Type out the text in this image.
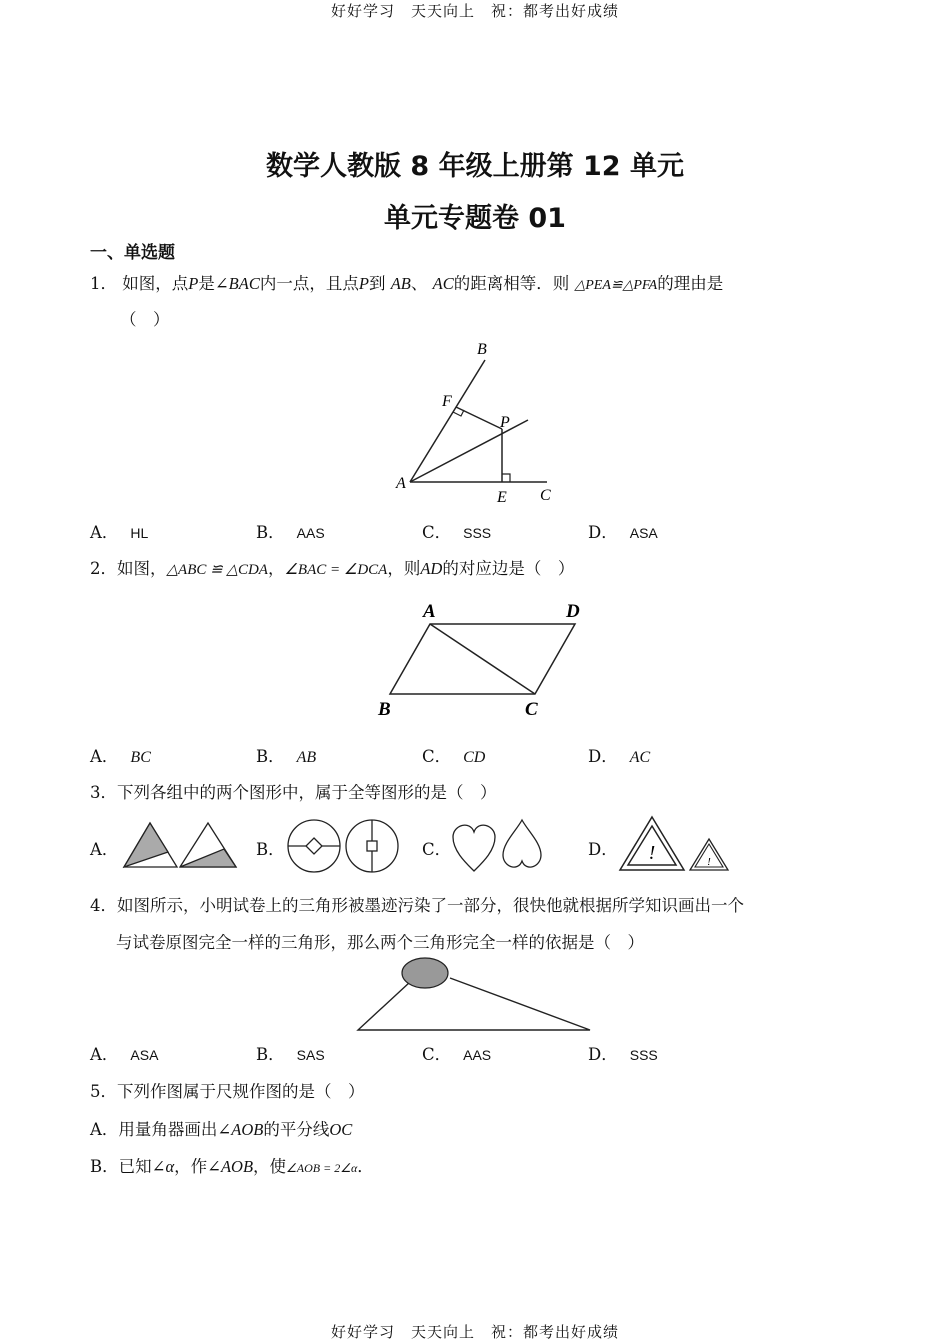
好好学习　天天向上　祝：都考出好成绩
好好学习　天天向上　祝：都考出好成绩
数学人教版 8 年级上册第 12 单元
单元专题卷 01
一、单选题
1． 如图，点P是∠BAC内一点，且点P到 AB、 AC的距离相等．则 △PEA≌△PFA的理由是
（　）
B
F
P
A
E C
A． HL	B． AAS	C． SSS	D． ASA
2．如图，△ABC ≌ △CDA，∠BAC = ∠DCA，则AD的对应边是（　）
A	D
B	C
A． BC	B． AB	C． CD	D． AC
3．下列各组中的两个图形中，属于全等图形的是（　）
A．	B．	C．	D． !	!
4．如图所示，小明试卷上的三角形被墨迹污染了一部分，很快他就根据所学知识画出一个
与试卷原图完全一样的三角形，那么两个三角形完全一样的依据是（　）
A． ASA	B． SAS	C． AAS	D． SSS
5．下列作图属于尺规作图的是（　）
A．用量角器画出∠AOB的平分线OC
B．已知∠α，作∠AOB，使∠AOB = 2∠α．
